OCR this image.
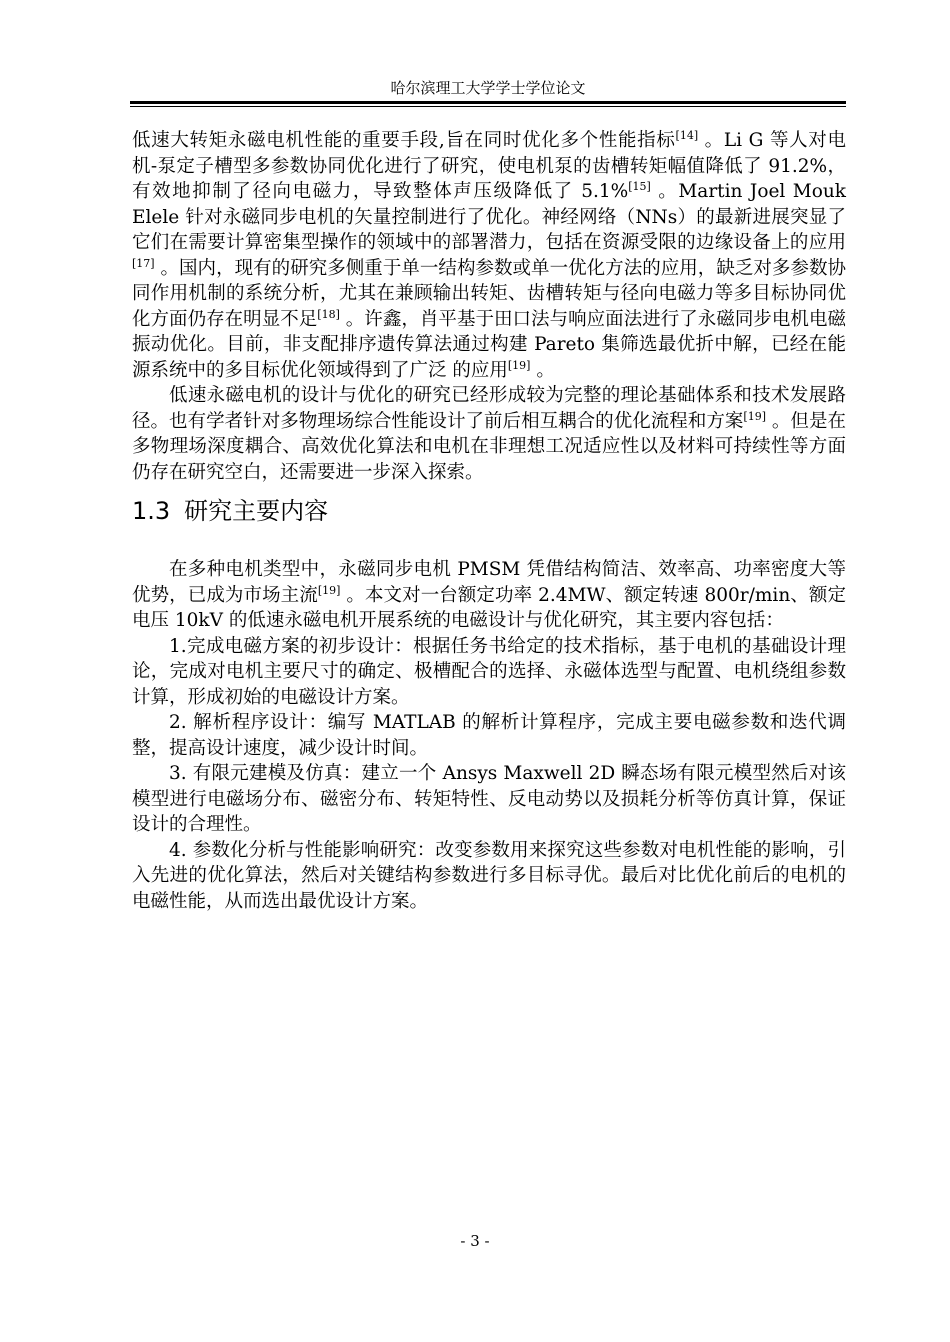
哈尔滨理工大学学士学位论文

低速大转矩永磁电机性能的重要手段,旨在同时优化多个性能指标[14] 。Li G 等人对电机-泵定子槽型多参数协同优化进行了研究，使电机泵的齿槽转矩幅值降低了 91.2%，有效地抑制了径向电磁力，导致整体声压级降低了 5.1%[15] 。Martin Joel Mouk Elele 针对永磁同步电机的矢量控制进行了优化。神经网络（NNs）的最新进展突显了它们在需要计算密集型操作的领域中的部署潜力，包括在资源受限的边缘设备上的应用[17] 。国内，现有的研究多侧重于单一结构参数或单一优化方法的应用，缺乏对多参数协同作用机制的系统分析，尤其在兼顾输出转矩、齿槽转矩与径向电磁力等多目标协同优化方面仍存在明显不足[18] 。许鑫，肖平基于田口法与响应面法进行了永磁同步电机电磁振动优化。目前，非支配排序遗传算法通过构建 Pareto 集筛选最优折中解，已经在能源系统中的多目标优化领域得到了广泛 的应用[19] 。

低速永磁电机的设计与优化的研究已经形成较为完整的理论基础体系和技术发展路径。也有学者针对多物理场综合性能设计了前后相互耦合的优化流程和方案[19] 。但是在多物理场深度耦合、高效优化算法和电机在非理想工况适应性以及材料可持续性等方面仍存在研究空白，还需要进一步深入探索。

1.3 研究主要内容

在多种电机类型中，永磁同步电机 PMSM 凭借结构简洁、效率高、功率密度大等优势，已成为市场主流[19] 。本文对一台额定功率 2.4MW、额定转速 800r/min、额定电压 10kV 的低速永磁电机开展系统的电磁设计与优化研究，其主要内容包括：

1.完成电磁方案的初步设计：根据任务书给定的技术指标，基于电机的基础设计理论，完成对电机主要尺寸的确定、极槽配合的选择、永磁体选型与配置、电机绕组参数计算，形成初始的电磁设计方案。

2. 解析程序设计：编写 MATLAB 的解析计算程序，完成主要电磁参数和迭代调整，提高设计速度，减少设计时间。

3. 有限元建模及仿真：建立一个 Ansys Maxwell 2D 瞬态场有限元模型然后对该模型进行电磁场分布、磁密分布、转矩特性、反电动势以及损耗分析等仿真计算，保证设计的合理性。

4. 参数化分析与性能影响研究：改变参数用来探究这些参数对电机性能的影响，引入先进的优化算法，然后对关键结构参数进行多目标寻优。最后对比优化前后的电机的电磁性能，从而选出最优设计方案。

- 3 -
